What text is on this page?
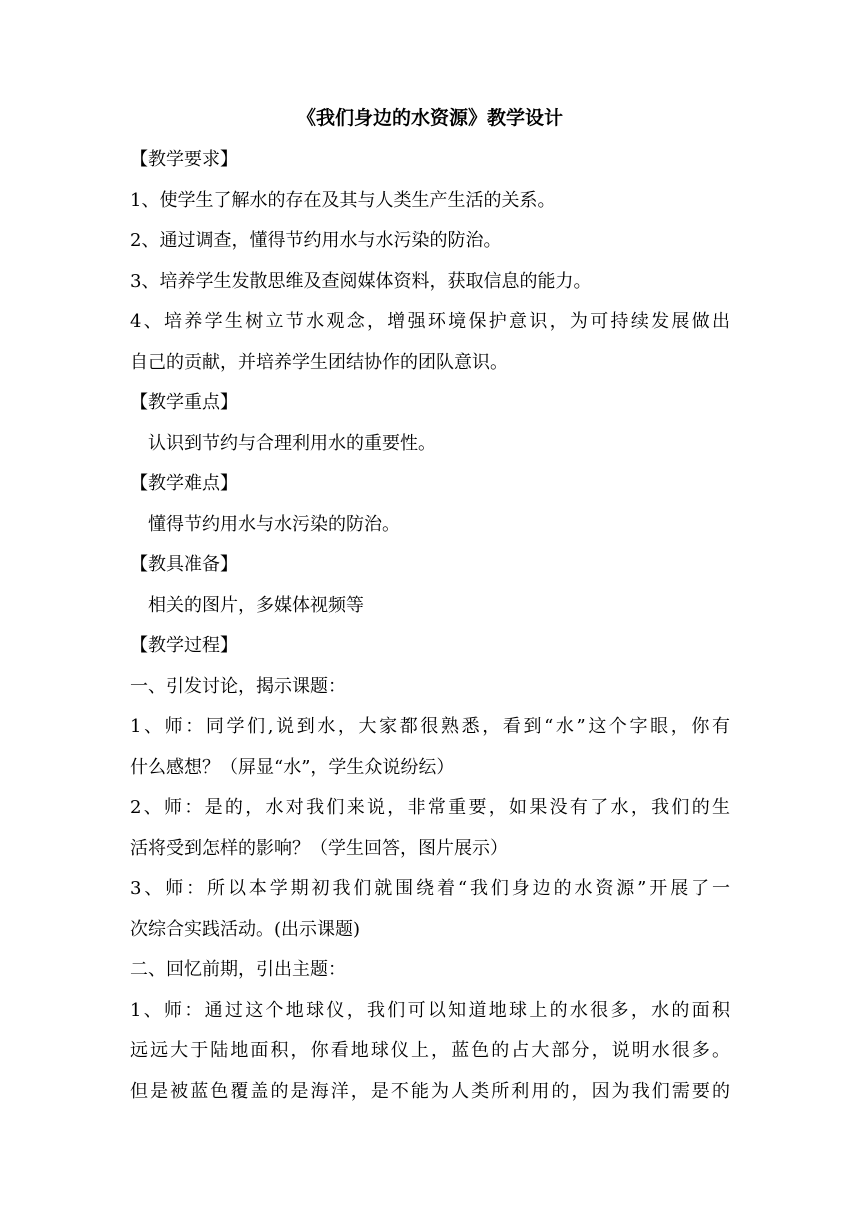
《我们身边的水资源》教学设计
【教学要求】
1、使学生了解水的存在及其与人类生产生活的关系。
2、通过调查，懂得节约用水与水污染的防治。
3、培养学生发散思维及查阅媒体资料，获取信息的能力。
4、培养学生树立节水观念，增强环境保护意识，为可持续发展做出
自己的贡献，并培养学生团结协作的团队意识。
【教学重点】
认识到节约与合理利用水的重要性。
【教学难点】
懂得节约用水与水污染的防治。
【教具准备】
相关的图片，多媒体视频等
【教学过程】
一、引发讨论，揭示课题：
1、师：同学们,说到水，大家都很熟悉，看到“水”这个字眼，你有
什么感想？（屏显“水”，学生众说纷纭）
2、师：是的，水对我们来说，非常重要，如果没有了水，我们的生
活将受到怎样的影响？（学生回答，图片展示）
3、师：所以本学期初我们就围绕着“我们身边的水资源”开展了一
次综合实践活动。(出示课题)
二、回忆前期，引出主题：
1、师：通过这个地球仪，我们可以知道地球上的水很多，水的面积
远远大于陆地面积，你看地球仪上，蓝色的占大部分，说明水很多。
但是被蓝色覆盖的是海洋，是不能为人类所利用的，因为我们需要的
